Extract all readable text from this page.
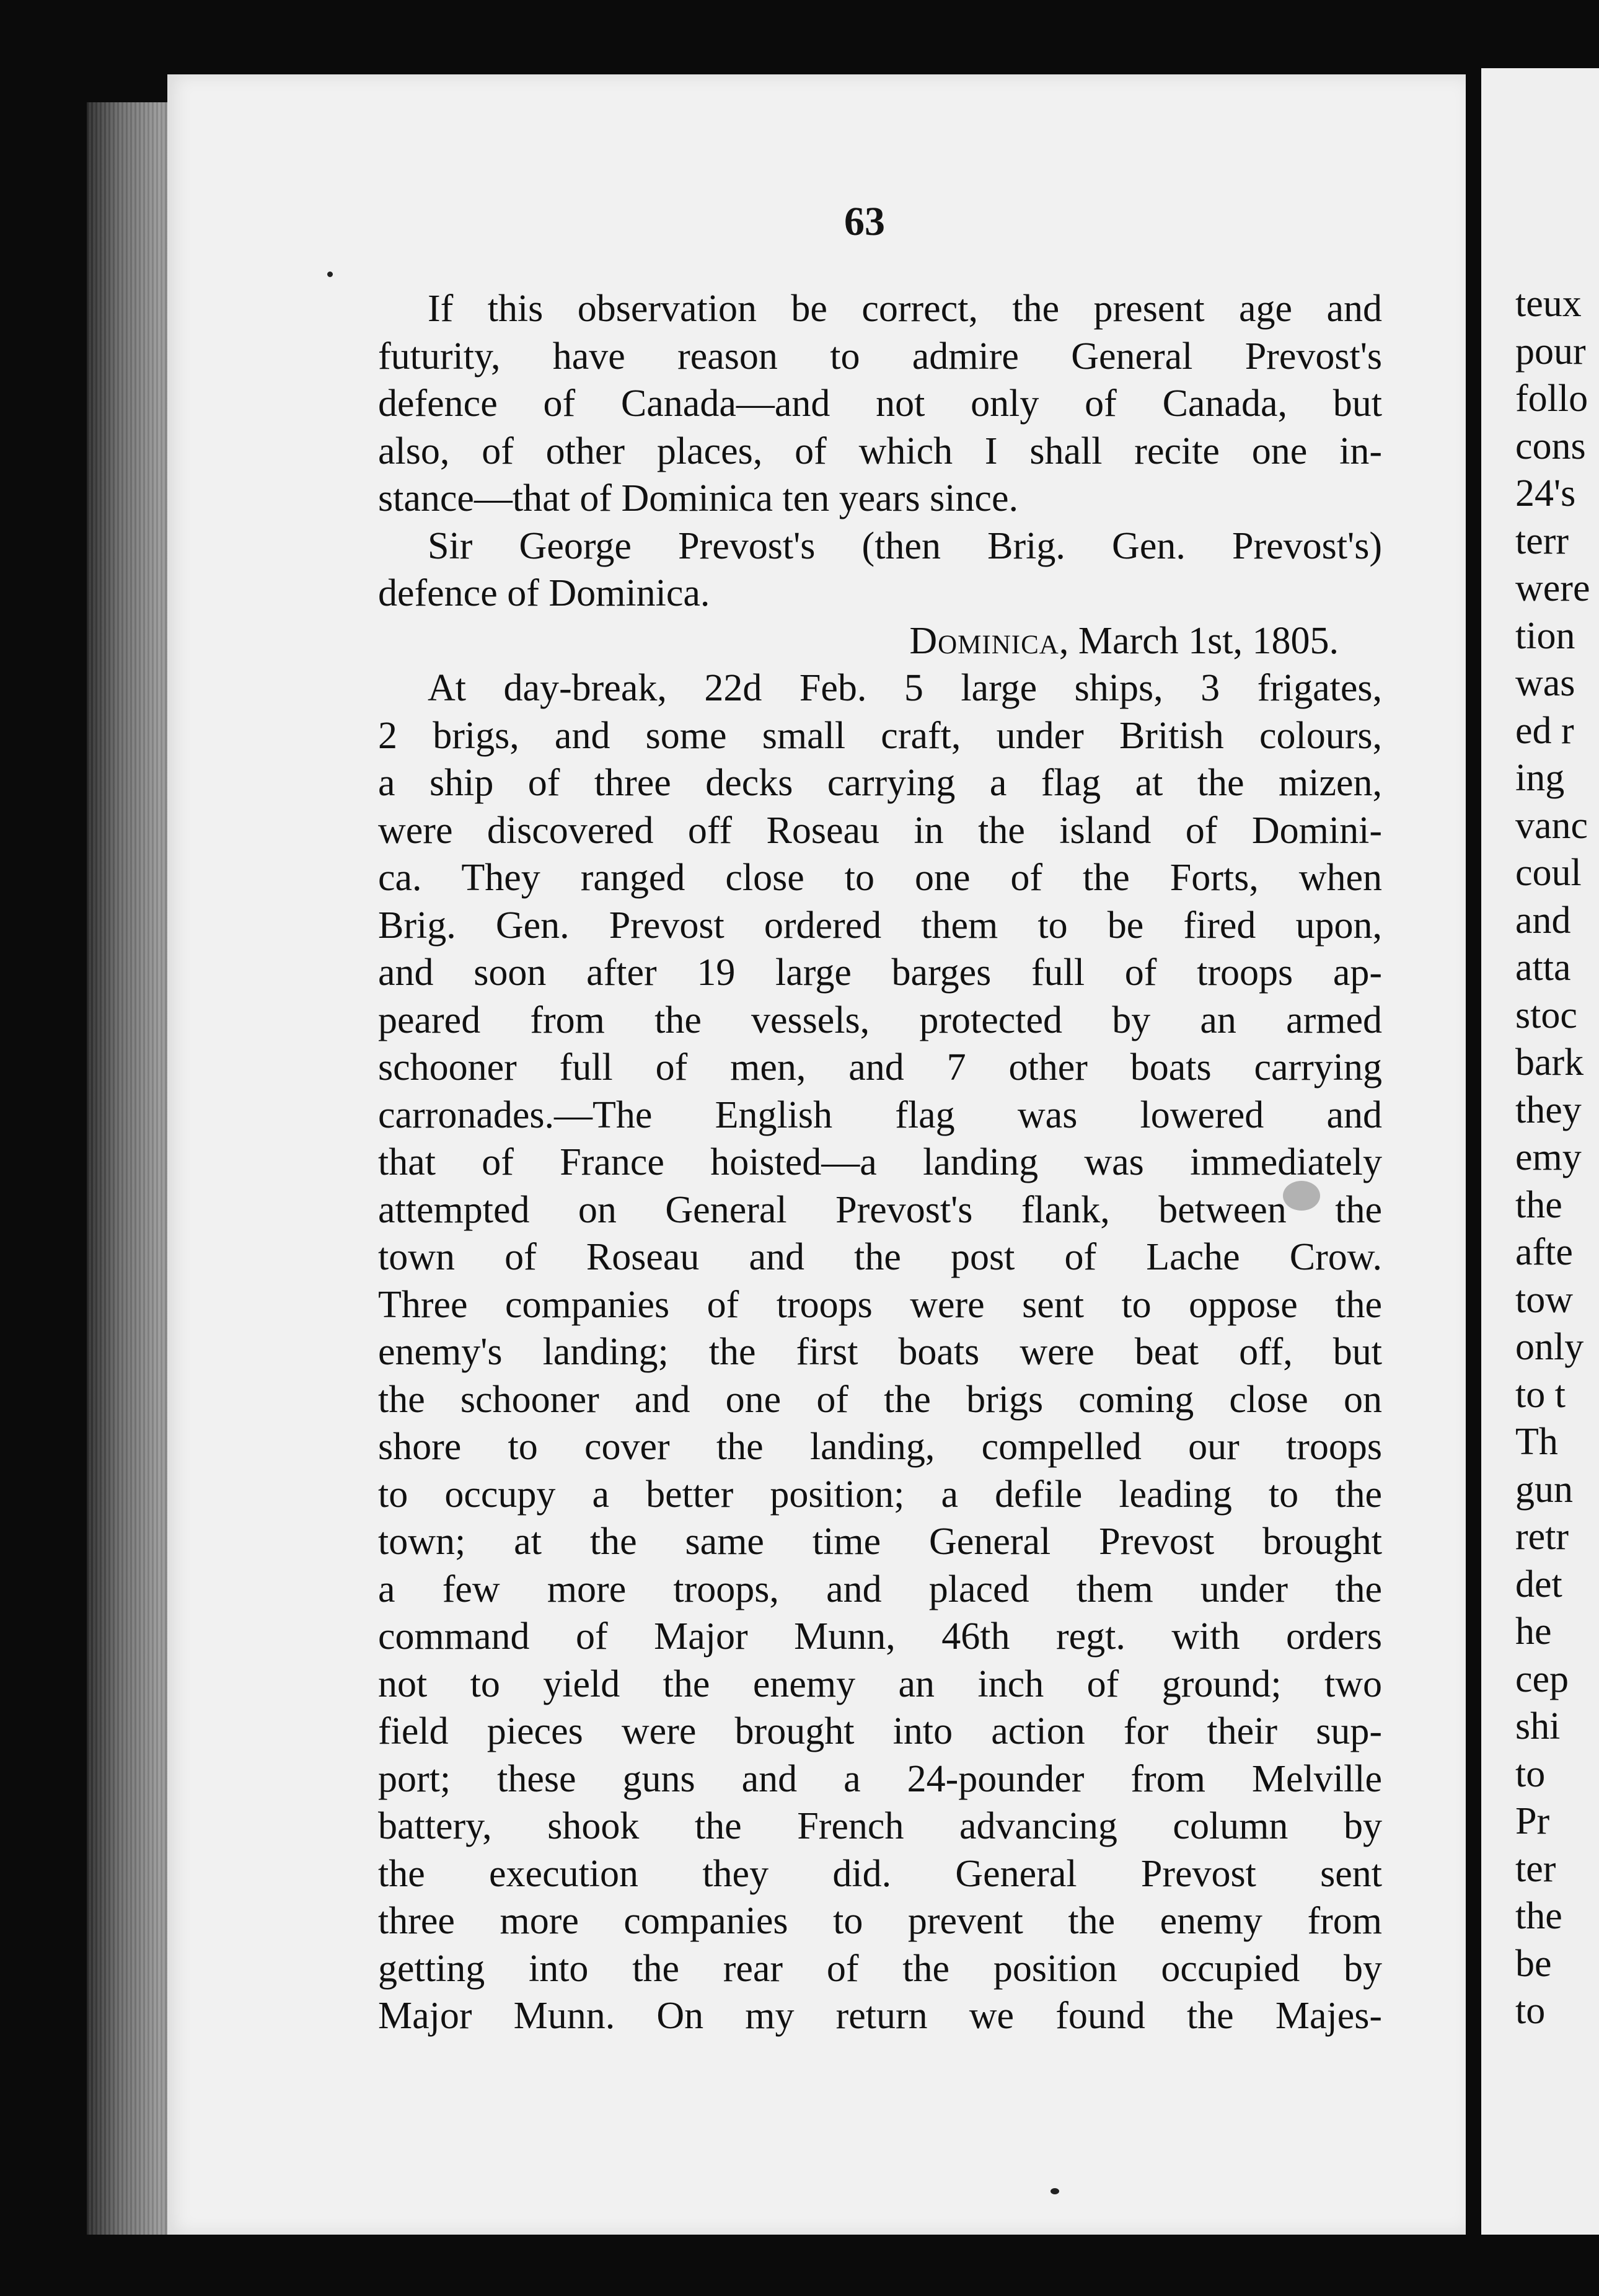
63
If this observation be correct, the present age and
futurity, have reason to admire General Prevost's
defence of Canada—and not only of Canada, but
also, of other places, of which I shall recite one in-
stance—that of Dominica ten years since.
Sir George Prevost's (then Brig. Gen. Prevost's)
defence of Dominica.
Dominica, March 1st, 1805.
At day-break, 22d Feb. 5 large ships, 3 frigates,
2 brigs, and some small craft, under British colours,
a ship of three decks carrying a flag at the mizen,
were discovered off Roseau in the island of Domini-
ca. They ranged close to one of the Forts, when
Brig. Gen. Prevost ordered them to be fired upon,
and soon after 19 large barges full of troops ap-
peared from the vessels, protected by an armed
schooner full of men, and 7 other boats carrying
carronades.—The English flag was lowered and
that of France hoisted—a landing was immediately
attempted on General Prevost's flank, between the
town of Roseau and the post of Lache Crow.
Three companies of troops were sent to oppose the
enemy's landing; the first boats were beat off, but
the schooner and one of the brigs coming close on
shore to cover the landing, compelled our troops
to occupy a better position; a defile leading to the
town; at the same time General Prevost brought
a few more troops, and placed them under the
command of Major Munn, 46th regt. with orders
not to yield the enemy an inch of ground; two
field pieces were brought into action for their sup-
port; these guns and a 24-pounder from Melville
battery, shook the French advancing column by
the execution they did. General Prevost sent
three more companies to prevent the enemy from
getting into the rear of the position occupied by
Major Munn. On my return we found the Majes-
teux
pour
follo
cons
24's
terr
were
tion
was
ed r
ing
vanc
coul
and
atta
stoc
bark
they
emy
the
afte
tow
only
to t
Th
gun
retr
det
he
cep
shi
to
Pr
ter
the
be
to
